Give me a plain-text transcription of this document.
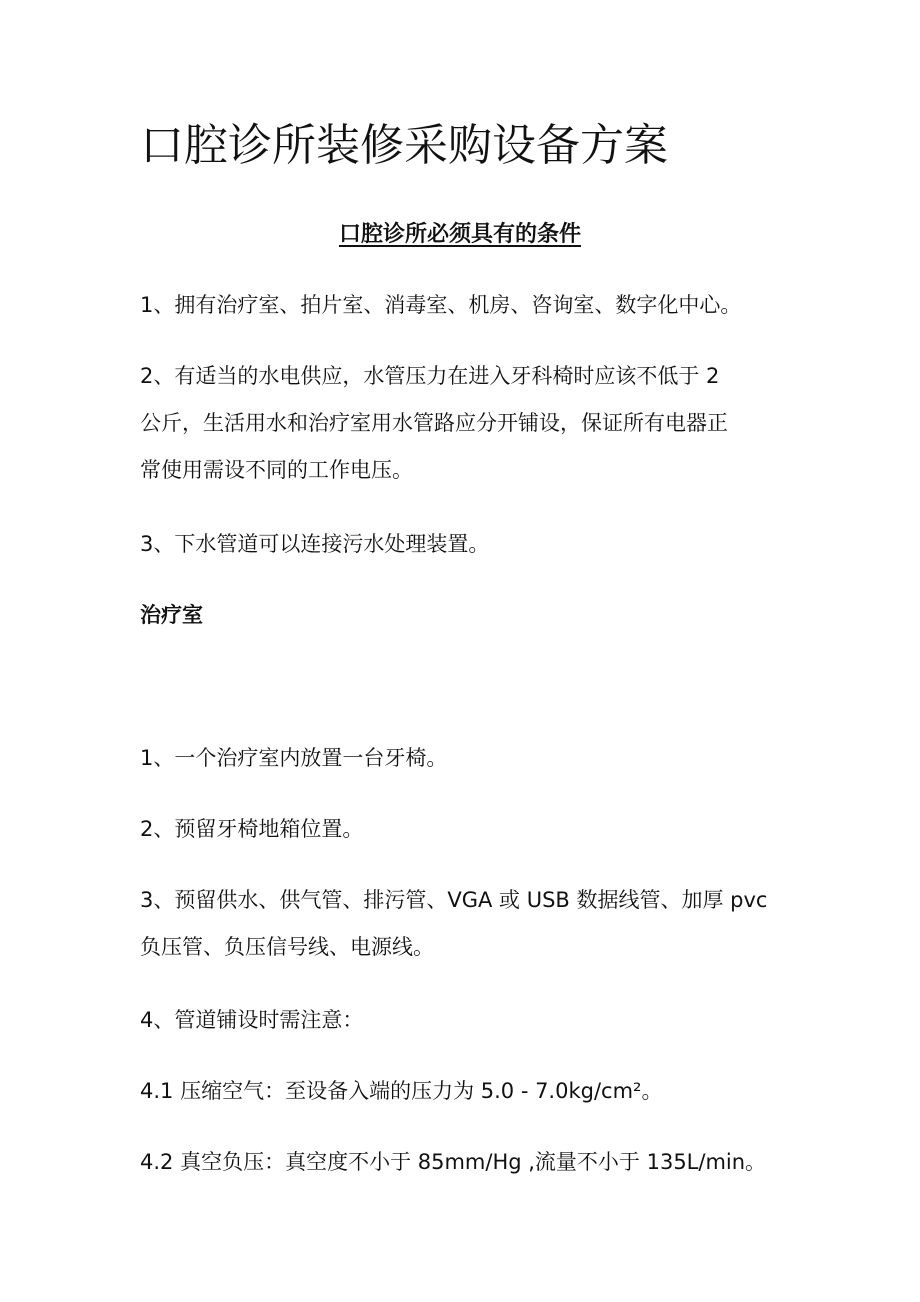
口腔诊所装修采购设备方案
口腔诊所必须具有的条件

1、拥有治疗室、拍片室、消毒室、机房、咨询室、数字化中心。

2、有适当的水电供应，水管压力在进入牙科椅时应该不低于 2
公斤，生活用水和治疗室用水管路应分开铺设，保证所有电器正
常使用需设不同的工作电压。

3、下水管道可以连接污水处理装置。

治疗室

1、一个治疗室内放置一台牙椅。

2、预留牙椅地箱位置。

3、预留供水、供气管、排污管、VGA 或 USB 数据线管、加厚 pvc
负压管、负压信号线、电源线。

4、管道铺设时需注意：

4.1 压缩空气：至设备入端的压力为 5.0 - 7.0kg/cm²。

4.2 真空负压：真空度不小于 85mm/Hg ,流量不小于 135L/min。
